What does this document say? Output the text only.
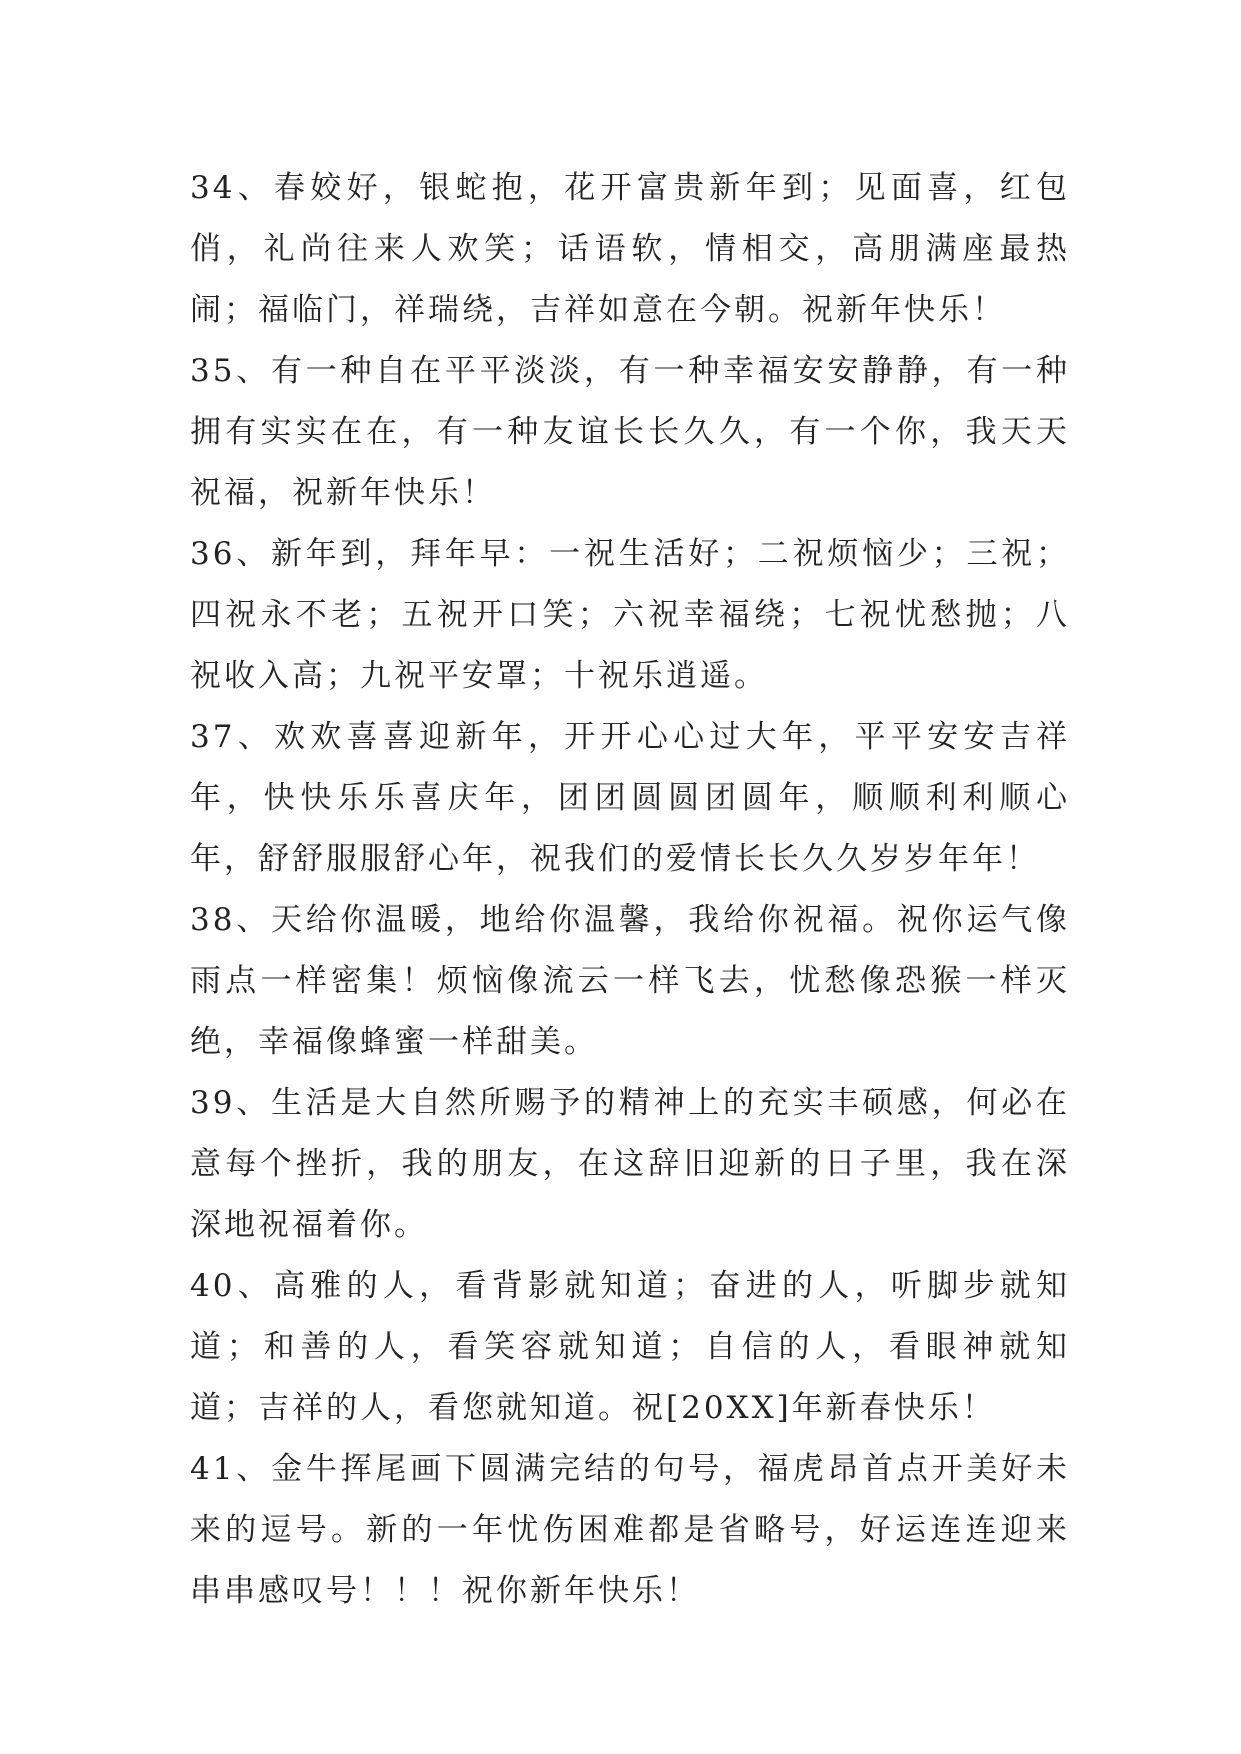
34、春姣好，银蛇抱，花开富贵新年到；见面喜，红包俏，礼尚往来人欢笑；话语软，情相交，高朋满座最热闹；福临门，祥瑞绕，吉祥如意在今朝。祝新年快乐！

35、有一种自在平平淡淡，有一种幸福安安静静，有一种拥有实实在在，有一种友谊长长久久，有一个你，我天天祝福，祝新年快乐！

36、新年到，拜年早：一祝生活好；二祝烦恼少；三祝；四祝永不老；五祝开口笑；六祝幸福绕；七祝忧愁抛；八祝收入高；九祝平安罩；十祝乐逍遥。

37、欢欢喜喜迎新年，开开心心过大年，平平安安吉祥年，快快乐乐喜庆年，团团圆圆团圆年，顺顺利利顺心年，舒舒服服舒心年，祝我们的爱情长长久久岁岁年年！

38、天给你温暖，地给你温馨，我给你祝福。祝你运气像雨点一样密集！烦恼像流云一样飞去，忧愁像恐猴一样灭绝，幸福像蜂蜜一样甜美。

39、生活是大自然所赐予的精神上的充实丰硕感，何必在意每个挫折，我的朋友，在这辞旧迎新的日子里，我在深深地祝福着你。

40、高雅的人，看背影就知道；奋进的人，听脚步就知道；和善的人，看笑容就知道；自信的人，看眼神就知道；吉祥的人，看您就知道。祝[20XX]年新春快乐！

41、金牛挥尾画下圆满完结的句号，福虎昂首点开美好未来的逗号。新的一年忧伤困难都是省略号，好运连连迎来串串感叹号！！！祝你新年快乐！
